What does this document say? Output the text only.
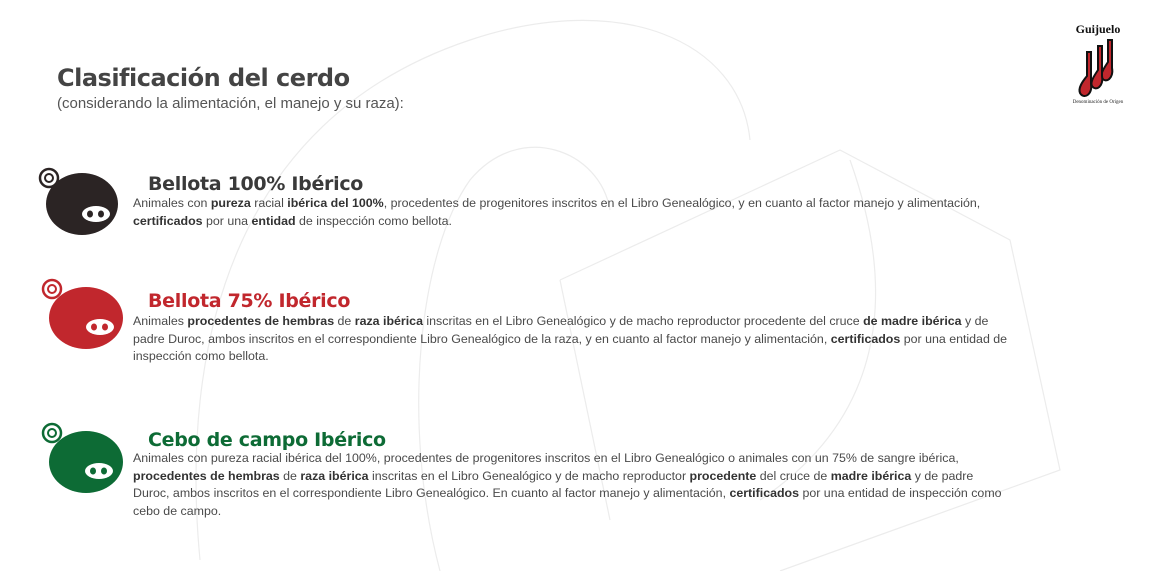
Clasificación del cerdo

(considerando la alimentación, el manejo y su raza):

Guijuelo
Denominación de Origen
Bellota 100% Ibérico

Animales con pureza racial ibérica del 100%, procedentes de progenitores inscritos en el Libro Genealógico, y en cuanto al factor manejo y alimentación,
certificados por una entidad de inspección como bellota.

Bellota 75% Ibérico

Animales procedentes de hembras de raza ibérica inscritas en el Libro Genealógico y de macho reproductor procedente del cruce de madre ibérica y de
padre Duroc, ambos inscritos en el correspondiente Libro Genealógico de la raza, y en cuanto al factor manejo y alimentación, certificados por una entidad de
inspección como bellota.

Cebo de campo Ibérico

Animales con pureza racial ibérica del 100%, procedentes de progenitores inscritos en el Libro Genealógico o animales con un 75% de sangre ibérica,
procedentes de hembras de raza ibérica inscritas en el Libro Genealógico y de macho reproductor procedente del cruce de madre ibérica y de padre
Duroc, ambos inscritos en el correspondiente Libro Genealógico. En cuanto al factor manejo y alimentación, certificados por una entidad de inspección como
cebo de campo.
